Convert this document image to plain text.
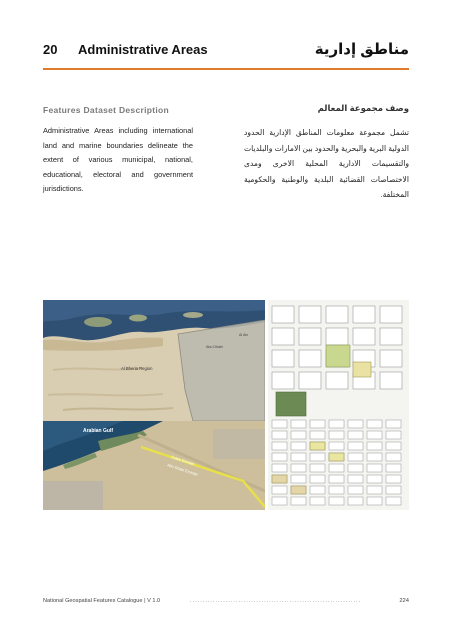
20 Administrative Areas	مناطق إدارية
Features Dataset Description	وصف مجموعة المعالم
Administrative Areas including international land and marine boundaries delineate the extent of various municipal, national, educational, electoral and government jurisdictions.
تشمل مجموعة معلومات المناطق الإدارية الحدود الدولية البرية والبحرية والحدود بين الامارات والبلديات والتقسيمات الادارية المحلية الاخرى ومدى الاختصاصات القضائية البلدية والوطنية والحكومية المختلفة.
Al Bheria Region
Abu Dhabi
Al Ain
Arabian Gulf
Dubai Emirate
Abu Dhabi Emirate
National Geospatial Features Catalogue | V 1.0	...................................................................	224
